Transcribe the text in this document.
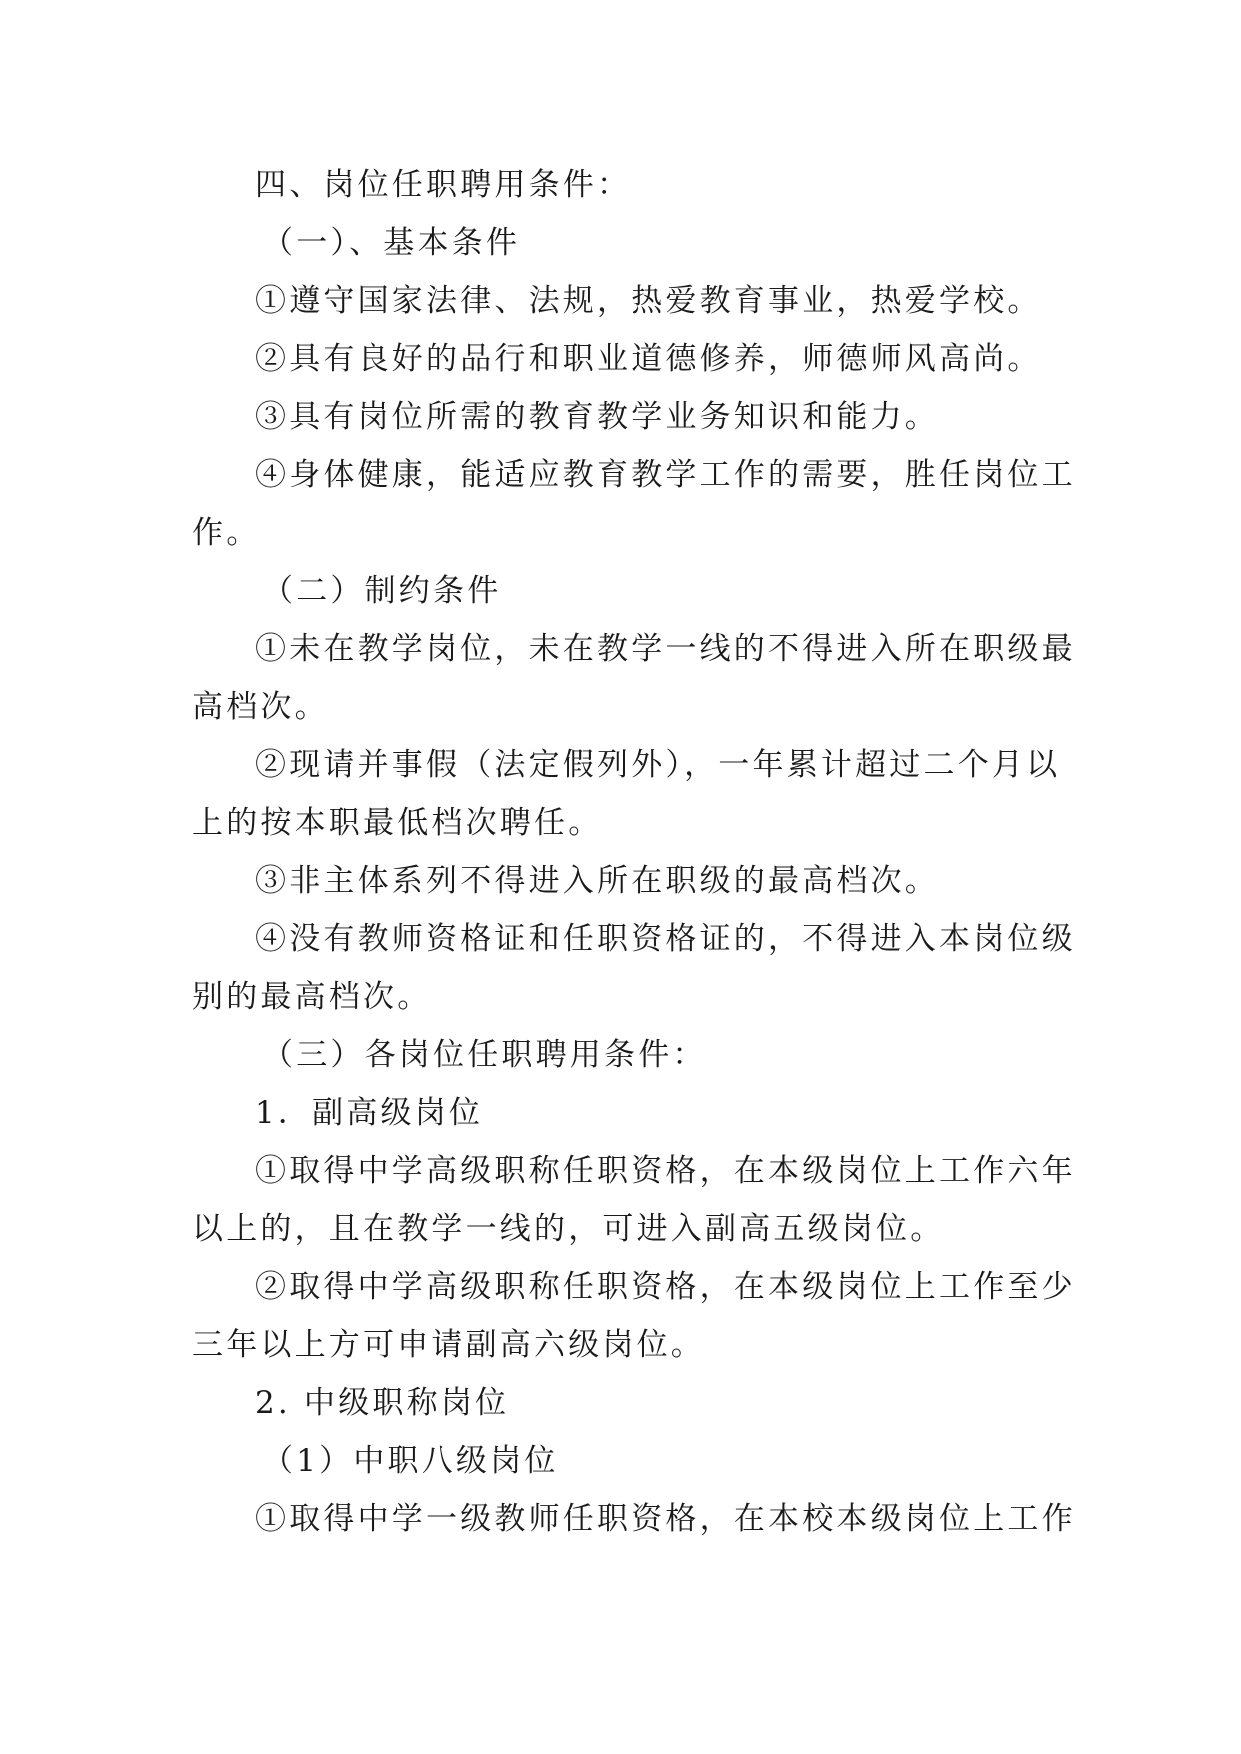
四、岗位任职聘用条件：
（一）、基本条件
①遵守国家法律、法规，热爱教育事业，热爱学校。
②具有良好的品行和职业道德修养，师德师风高尚。
③具有岗位所需的教育教学业务知识和能力。
④身体健康，能适应教育教学工作的需要，胜任岗位工
作。
（二）制约条件
①未在教学岗位，未在教学一线的不得进入所在职级最
高档次。
②现请并事假（法定假列外），一年累计超过二个月以
上的按本职最低档次聘任。
③非主体系列不得进入所在职级的最高档次。
④没有教师资格证和任职资格证的，不得进入本岗位级
别的最高档次。
（三）各岗位任职聘用条件：
1．副高级岗位
①取得中学高级职称任职资格，在本级岗位上工作六年
以上的，且在教学一线的，可进入副高五级岗位。
②取得中学高级职称任职资格，在本级岗位上工作至少
三年以上方可申请副高六级岗位。
2. 中级职称岗位
（1）中职八级岗位
①取得中学一级教师任职资格，在本校本级岗位上工作
